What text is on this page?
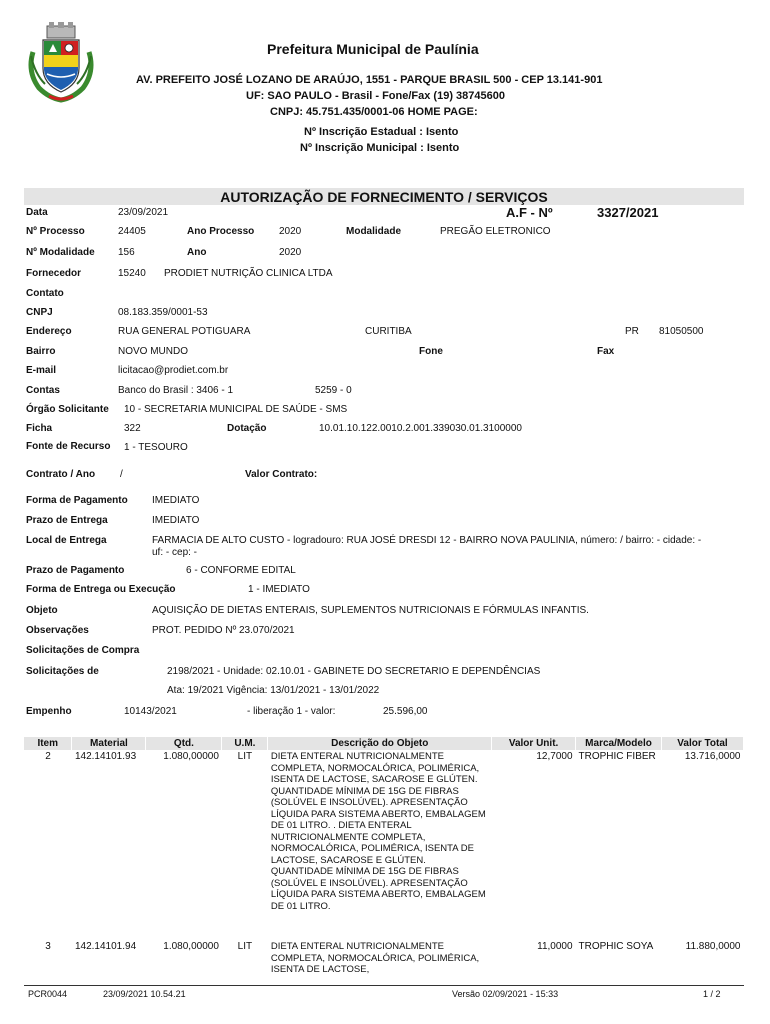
Prefeitura Municipal de Paulínia
AV. PREFEITO JOSÉ LOZANO DE ARAÚJO, 1551 - PARQUE BRASIL 500 - CEP 13.141-901
UF: SAO PAULO - Brasil - Fone/Fax (19) 38745600
CNPJ: 45.751.435/0001-06 HOME PAGE:
Nº Inscrição Estadual : Isento
Nº Inscrição Municipal : Isento
AUTORIZAÇÃO DE FORNECIMENTO / SERVIÇOS
Data	23/09/2021	A.F - Nº	3327/2021
Nº Processo	24405	Ano Processo 2020	Modalidade	PREGÃO ELETRONICO
Nº Modalidade 156	Ano	2020
Fornecedor	15240 PRODIET NUTRIÇÃO CLINICA LTDA
Contato
CNPJ	08.183.359/0001-53
Endereço	RUA GENERAL POTIGUARA	CURITIBA	PR 81050500
Bairro	NOVO MUNDO	Fone	Fax
E-mail	licitacao@prodiet.com.br
Contas	Banco do Brasil : 3406 - 1	5259 - 0
Órgão Solicitante 10 - SECRETARIA MUNICIPAL DE SAÚDE - SMS
Ficha	322	Dotação	10.01.10.122.0010.2.001.339030.01.3100000
Fonte de Recurso 1 - TESOURO
Contrato / Ano /	Valor Contrato:
Forma de Pagamento IMEDIATO
Prazo de Entrega	IMEDIATO
Local de Entrega	FARMACIA DE ALTO CUSTO - logradouro: RUA JOSÉ DRESDI 12 - BAIRRO NOVA PAULINIA, número: / bairro: - cidade: -
uf: - cep: -
Prazo de Pagamento	6 - CONFORME EDITAL
Forma de Entrega ou Execução	1 - IMEDIATO
Objeto	AQUISIÇÃO DE DIETAS ENTERAIS, SUPLEMENTOS NUTRICIONAIS E FÓRMULAS INFANTIS.
Observações	PROT. PEDIDO Nº 23.070/2021
Solicitações de Compra
Solicitações de	2198/2021 - Unidade: 02.10.01 - GABINETE DO SECRETARIO E DEPENDÊNCIAS
Ata: 19/2021 Vigência: 13/01/2021 - 13/01/2022
Empenho	10143/2021	- liberação 1 - valor:	25.596,00
Item	Material	Qtd.	U.M.	Descrição do Objeto	Valor Unit.	Marca/Modelo	Valor Total
2	142.14101.93	1.080,00000	LIT	DIETA ENTERAL NUTRICIONALMENTE COMPLETA, NORMOCALÓRICA, POLIMÉRICA, ISENTA DE LACTOSE, SACAROSE E GLÚTEN. QUANTIDADE MÍNIMA DE 15G DE FIBRAS (SOLÚVEL E INSOLÚVEL). APRESENTAÇÃO LÍQUIDA PARA SISTEMA ABERTO, EMBALAGEM DE 01 LITRO. . DIETA ENTERAL NUTRICIONALMENTE COMPLETA, NORMOCALÓRICA, POLIMÉRICA, ISENTA DE LACTOSE, SACAROSE E GLÚTEN. QUANTIDADE MÍNIMA DE 15G DE FIBRAS (SOLÚVEL E INSOLÚVEL). APRESENTAÇÃO LÍQUIDA PARA SISTEMA ABERTO, EMBALAGEM DE 01 LITRO.	12,7000	TROPHIC FIBER	13.716,0000
3	142.14101.94	1.080,00000	LIT	DIETA ENTERAL NUTRICIONALMENTE COMPLETA, NORMOCALÓRICA, POLIMÉRICA, ISENTA DE LACTOSE,	11,0000	TROPHIC SOYA	11.880,0000
PCR0044	23/09/2021 10.54.21	Versão 02/09/2021 - 15:33	1 / 2
